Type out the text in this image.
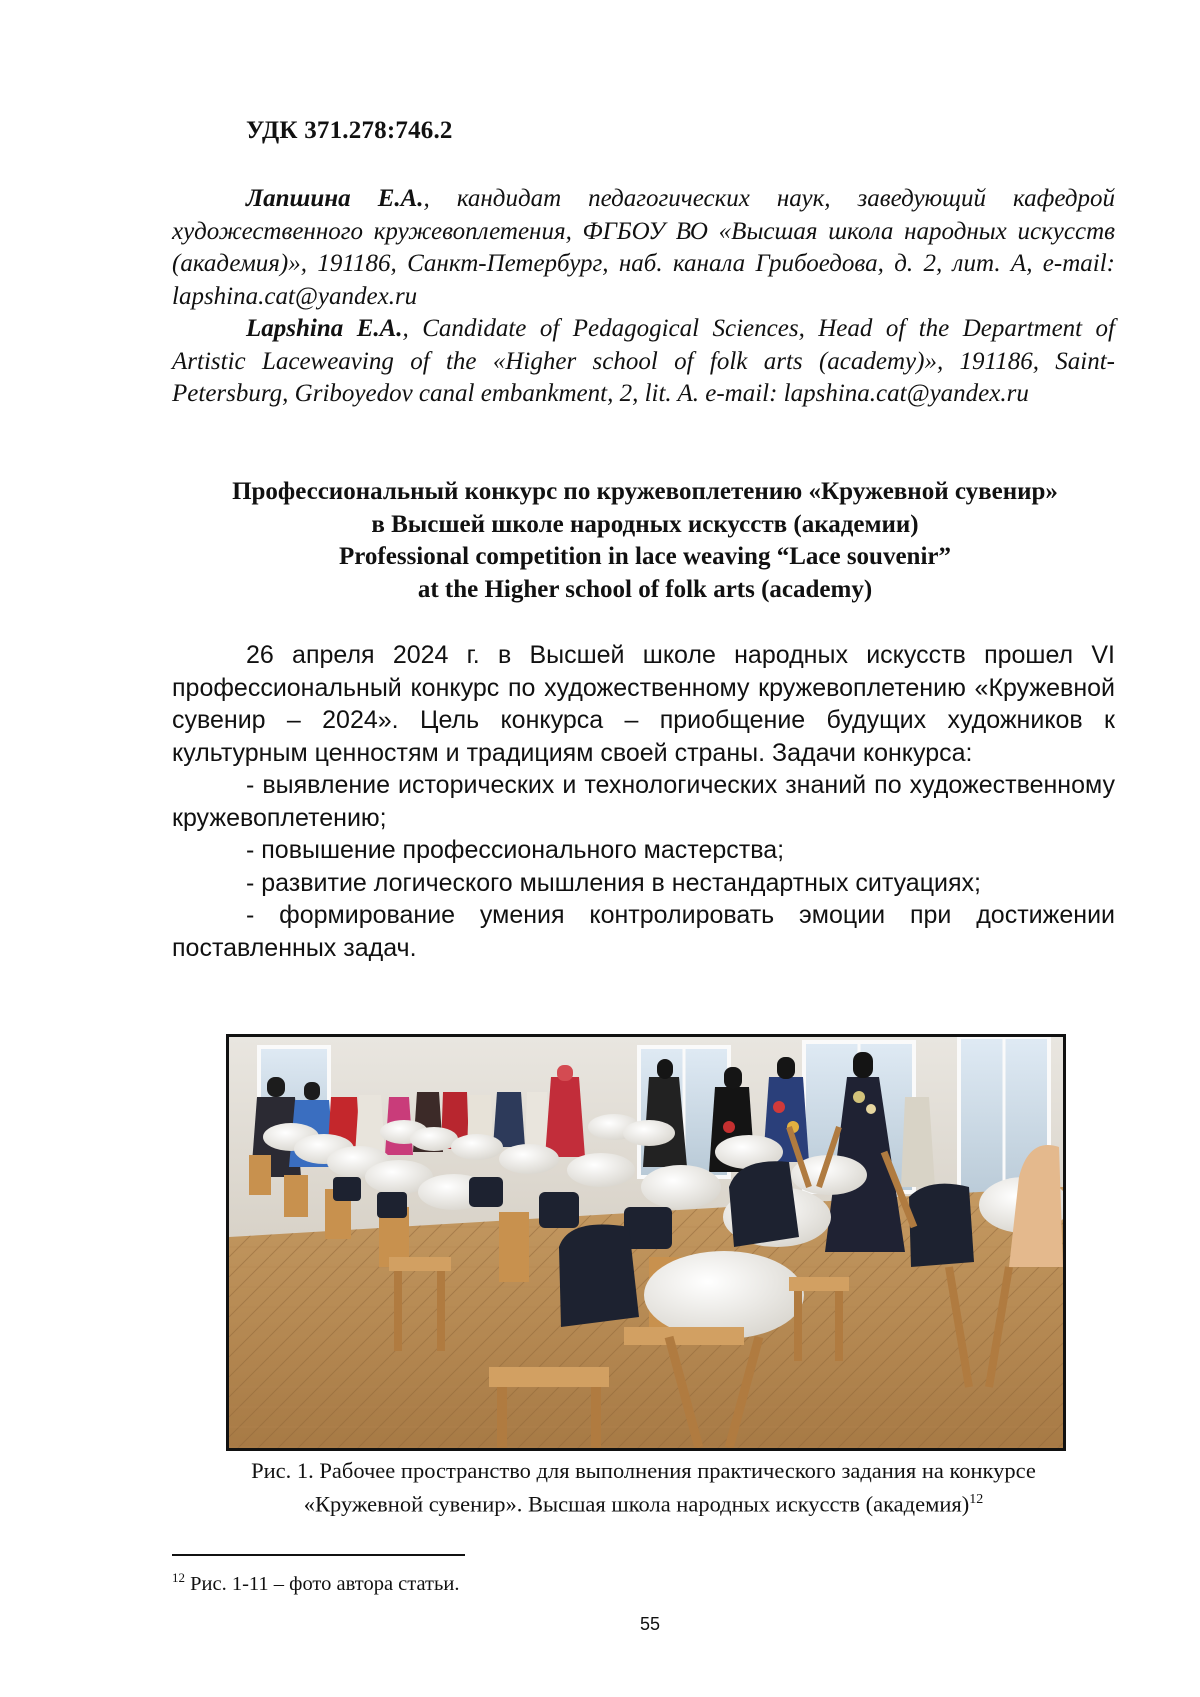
УДК 371.278:746.2

Лапшина Е.А., кандидат педагогических наук, заведующий кафедрой художественного кружевоплетения, ФГБОУ ВО «Высшая школа народных искусств (академия)», 191186, Санкт-Петербург, наб. канала Грибоедова, д. 2, лит. А, e-mail: lapshina.cat@yandex.ru

Lapshina E.A., Candidate of Pedagogical Sciences, Head of the Department of Artistic Laceweaving of the «Higher school of folk arts (academy)», 191186, Saint-Petersburg, Griboyedov canal embankment, 2, lit. A. e-mail: lapshina.cat@yandex.ru

Профессиональный конкурс по кружевоплетению «Кружевной сувенир»
в Высшей школе народных искусств (академии)
Professional competition in lace weaving “Lace souvenir”
at the Higher school of folk arts (academy)

26 апреля 2024 г. в Высшей школе народных искусств прошел VI профессиональный конкурс по художественному кружевоплетению «Кружевной сувенир – 2024». Цель конкурса – приобщение будущих художников к культурным ценностям и традициям своей страны. Задачи конкурса:

- выявление исторических и технологических знаний по художественному кружевоплетению;

- повышение профессионального мастерства;

- развитие логического мышления в нестандартных ситуациях;

- формирование умения контролировать эмоции при достижении поставленных задач.

Рис. 1. Рабочее пространство для выполнения практического задания на конкурсе
«Кружевной сувенир». Высшая школа народных искусств (академия)$^{12}$
$^{12}$ Рис. 1-11 – фото автора статьи.
55
